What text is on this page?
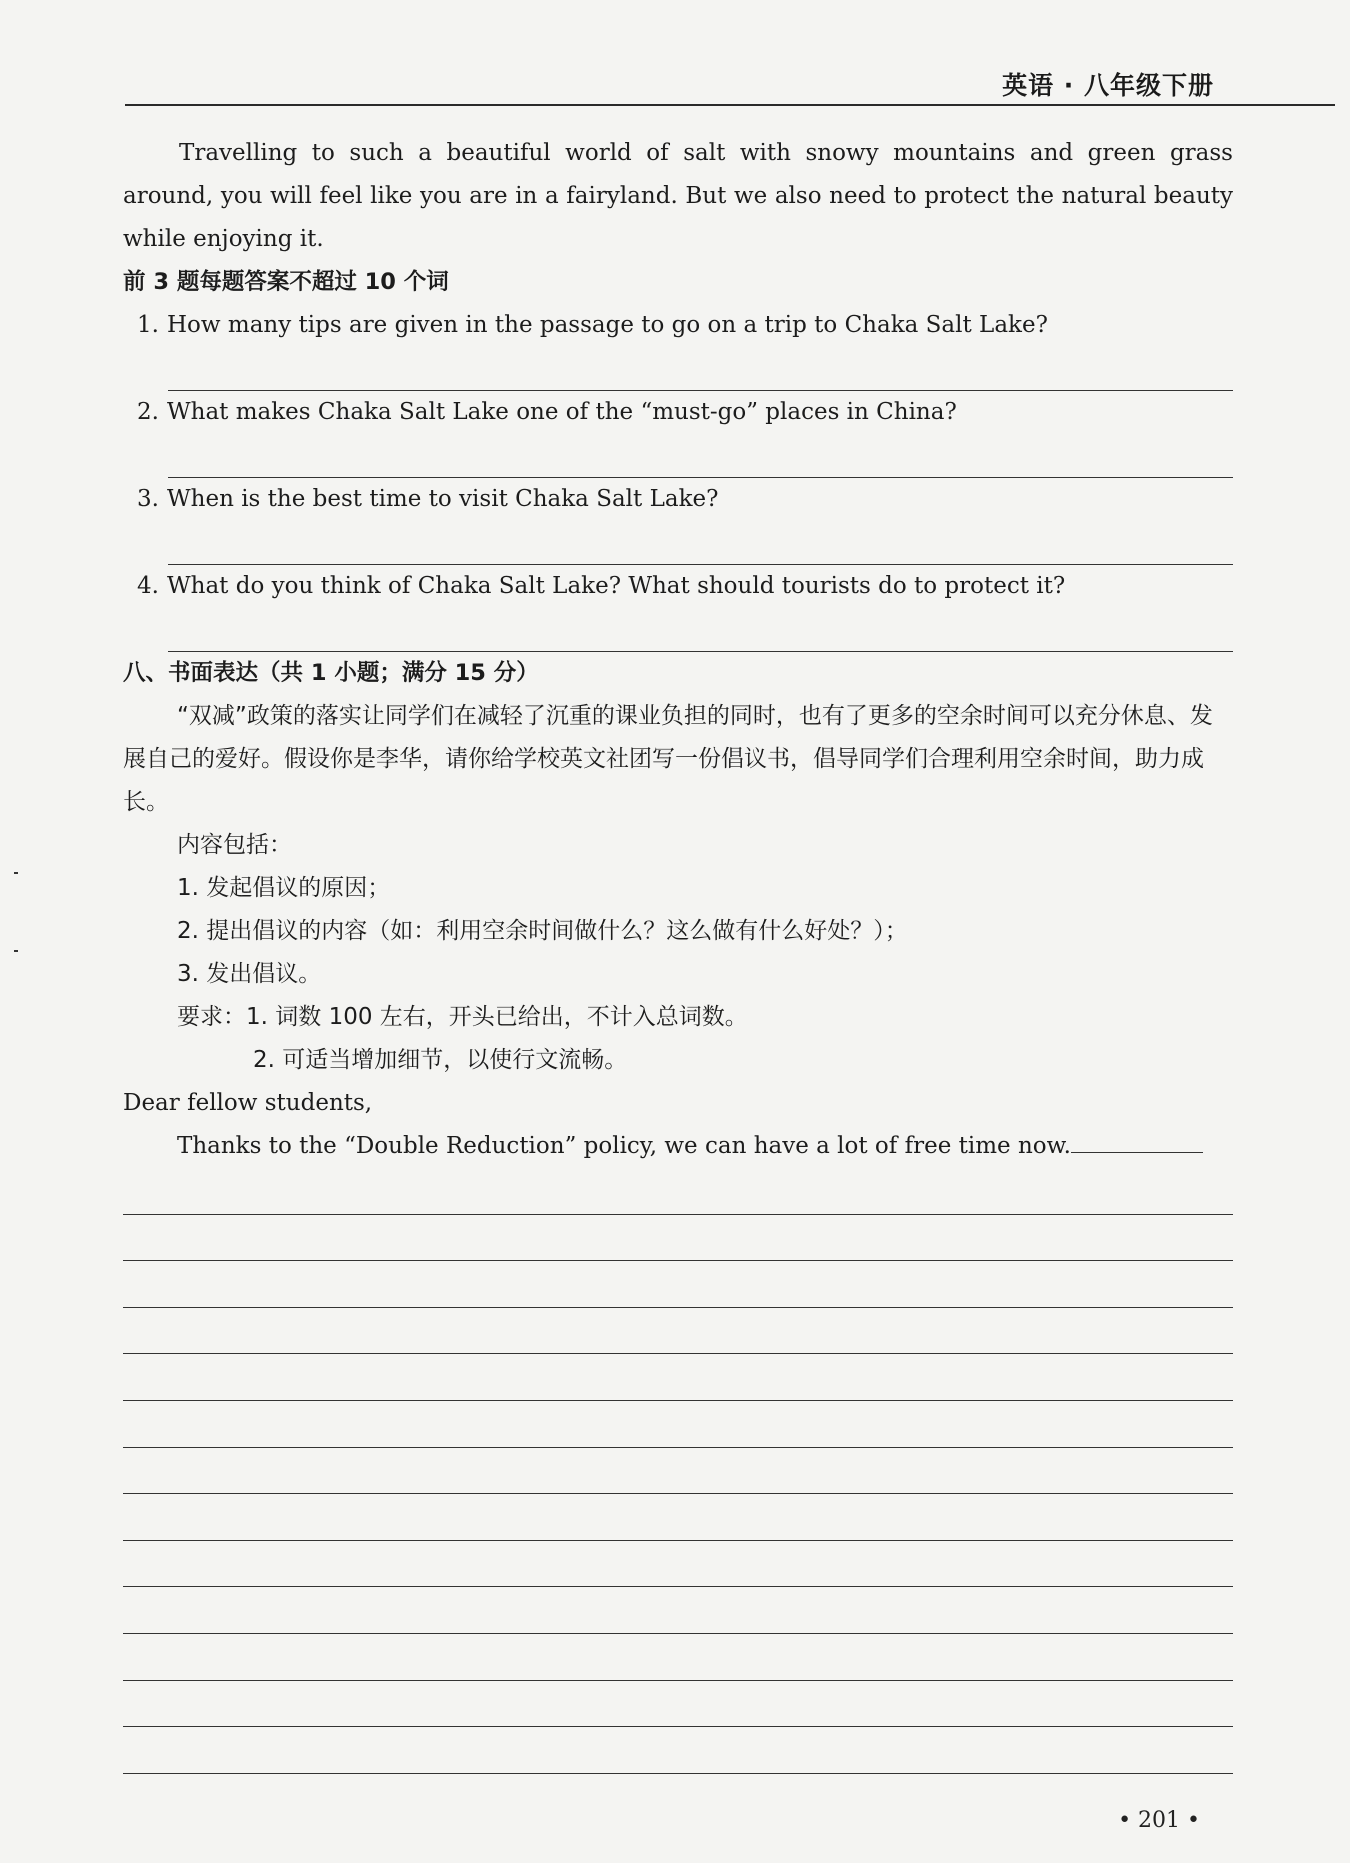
英语 · 八年级下册

Travelling to such a beautiful world of salt with snowy mountains and green grass around, you will feel like you are in a fairyland. But we also need to protect the natural beauty while enjoying it.

前 3 题每题答案不超过 10 个词

1. How many tips are given in the passage to go on a trip to Chaka Salt Lake?

2. What makes Chaka Salt Lake one of the “must-go” places in China?

3. When is the best time to visit Chaka Salt Lake?

4. What do you think of Chaka Salt Lake? What should tourists do to protect it?

八、书面表达（共 1 小题；满分 15 分）

“双减”政策的落实让同学们在减轻了沉重的课业负担的同时，也有了更多的空余时间可以充分休息、发展自己的爱好。假设你是李华，请你给学校英文社团写一份倡议书，倡导同学们合理利用空余时间，助力成长。

内容包括：

1. 发起倡议的原因；

2. 提出倡议的内容（如：利用空余时间做什么？这么做有什么好处？）；

3. 发出倡议。

要求：1. 词数 100 左右，开头已给出，不计入总词数。

2. 可适当增加细节，以使行文流畅。

Dear fellow students,

Thanks to the “Double Reduction” policy, we can have a lot of free time now.

• 201 •
